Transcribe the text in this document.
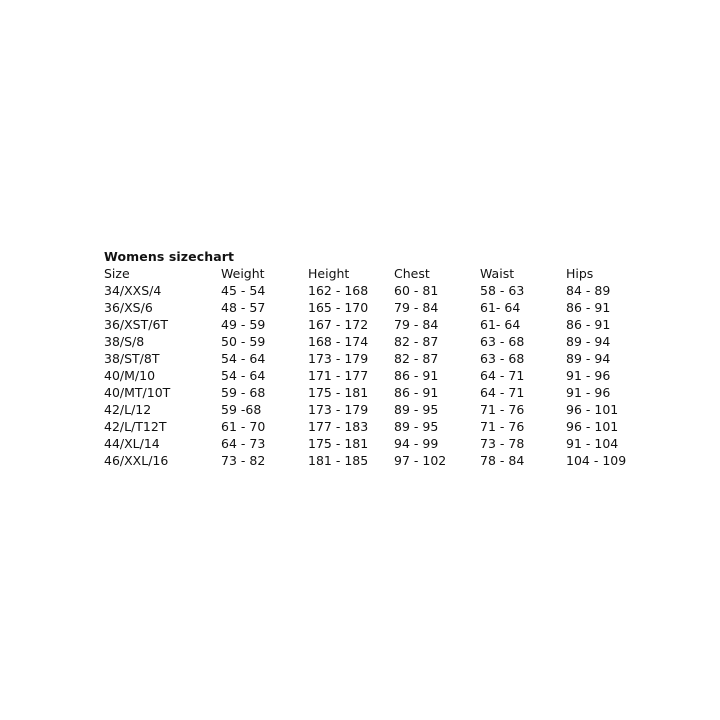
Womens sizechart
Size	Weight	Height	Chest	Waist	Hips
34/XXS/4	45 - 54	162 - 168	60 - 81	58 - 63	84 - 89
36/XS/6	48 - 57	165 - 170	79 - 84	61- 64	86 - 91
36/XST/6T	49 - 59	167 - 172	79 - 84	61- 64	86 - 91
38/S/8	50 - 59	168 - 174	82 - 87	63 - 68	89 - 94
38/ST/8T	54 - 64	173 - 179	82 - 87	63 - 68	89 - 94
40/M/10	54 - 64	171 - 177	86 - 91	64 - 71	91 - 96
40/MT/10T	59 - 68	175 - 181	86 - 91	64 - 71	91 - 96
42/L/12	59 -68	173 - 179	89 - 95	71 - 76	96 - 101
42/L/T12T	61 - 70	177 - 183	89 - 95	71 - 76	96 - 101
44/XL/14	64 - 73	175 - 181	94 - 99	73 - 78	91 - 104
46/XXL/16	73 - 82	181 - 185	97 - 102	78 - 84	104 - 109
